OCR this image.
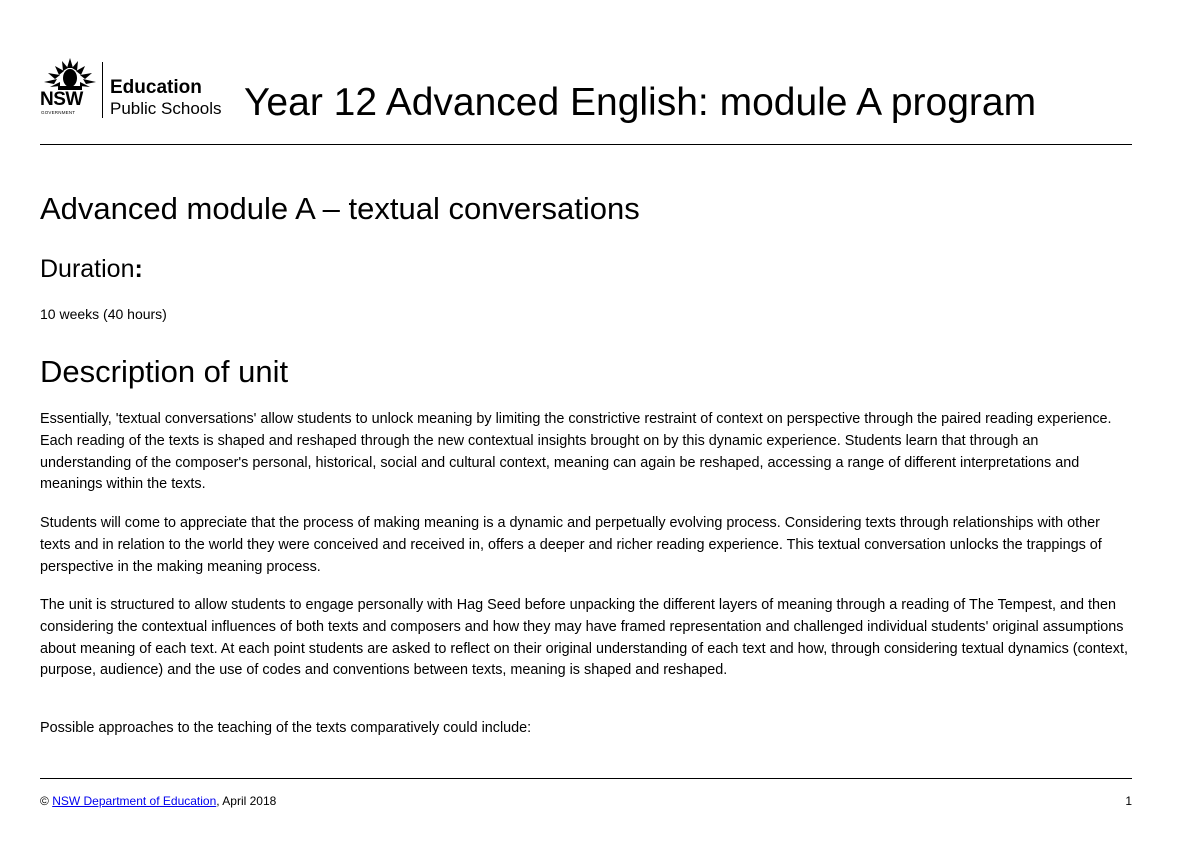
NSW
GOVERNMENT
Education
Public Schools Year 12 Advanced English: module A program
Advanced module A – textual conversations
Duration:
10 weeks (40 hours)
Description of unit

Essentially, 'textual conversations' allow students to unlock meaning by limiting the constrictive restraint of context on perspective through the paired reading experience. Each reading of the texts is shaped and reshaped through the new contextual insights brought on by this dynamic experience. Students learn that through an understanding of the composer's personal, historical, social and cultural context, meaning can again be reshaped, accessing a range of different interpretations and meanings within the texts.

Students will come to appreciate that the process of making meaning is a dynamic and perpetually evolving process. Considering texts through relationships with other texts and in relation to the world they were conceived and received in, offers a deeper and richer reading experience. This textual conversation unlocks the trappings of perspective in the making meaning process.

The unit is structured to allow students to engage personally with Hag Seed before unpacking the different layers of meaning through a reading of The Tempest, and then considering the contextual influences of both texts and composers and how they may have framed representation and challenged individual students' original assumptions about meaning of each text. At each point students are asked to reflect on their original understanding of each text and how, through considering textual dynamics (context, purpose, audience) and the use of codes and conventions between texts, meaning is shaped and reshaped.

Possible approaches to the teaching of the texts comparatively could include:

© NSW Department of Education, April 2018	1
